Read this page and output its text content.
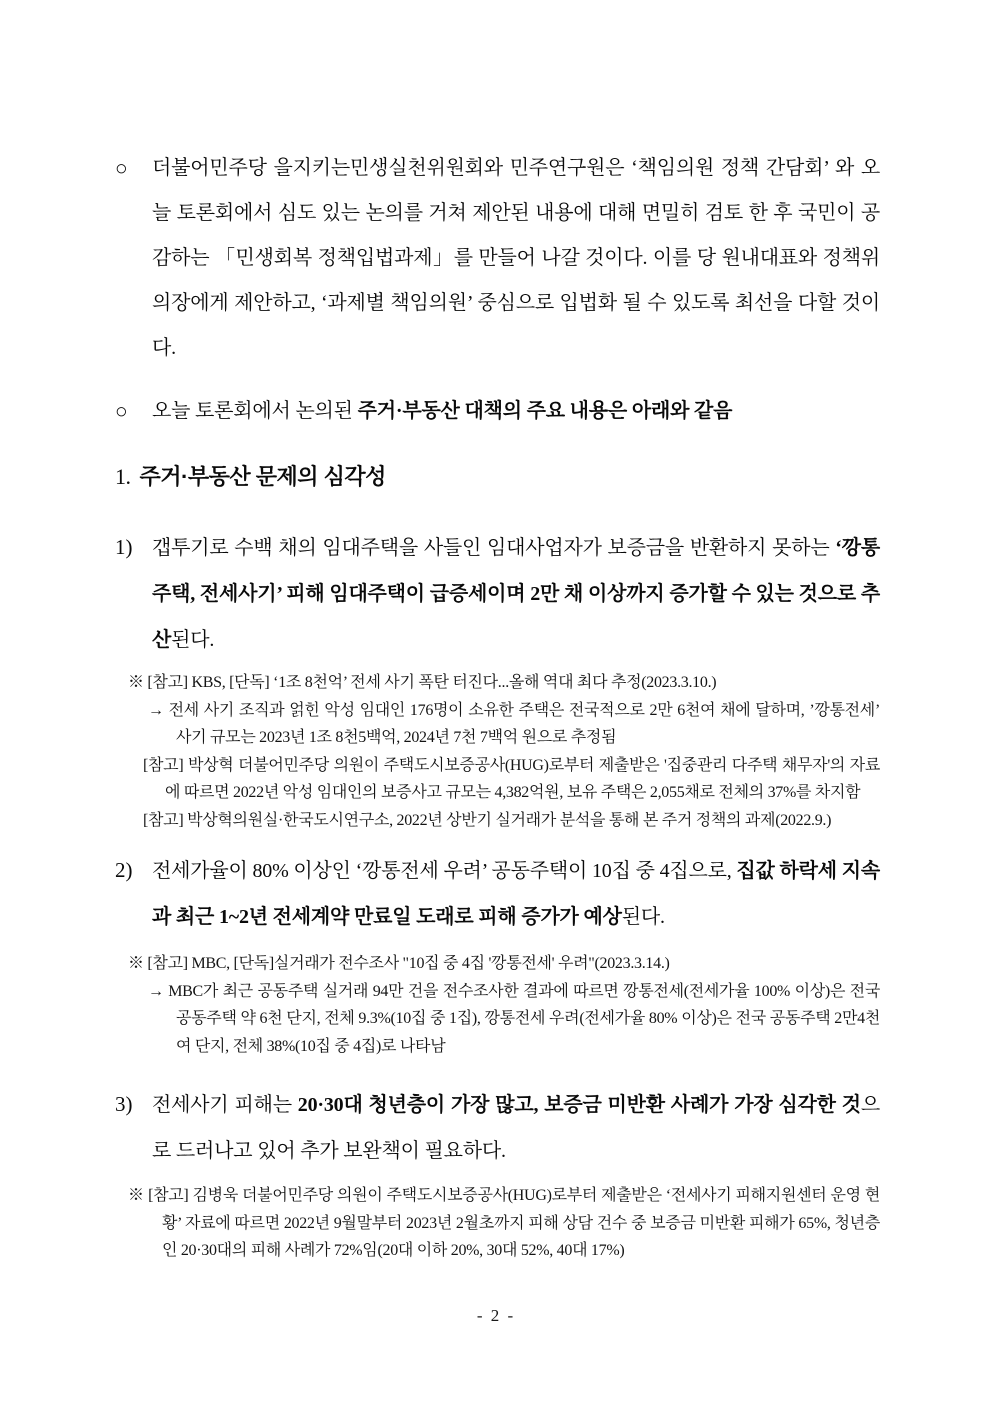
○	더불어민주당 을지키는민생실천위원회와 민주연구원은 ‘책임의원 정책 간담회’ 와 오늘 토론회에서 심도 있는 논의를 거쳐 제안된 내용에 대해 면밀히 검토 한 후 국민이 공감하는 「민생회복 정책입법과제」를 만들어 나갈 것이다. 이를 당 원내대표와 정책위의장에게 제안하고, ‘과제별 책임의원’ 중심으로 입법화 될 수 있도록 최선을 다할 것이다.

○	오늘 토론회에서 논의된 주거·부동산 대책의 주요 내용은 아래와 같음

1. 주거·부동산 문제의 심각성
1) 갭투기로 수백 채의 임대주택을 사들인 임대사업자가 보증금을 반환하지 못하는 ‘깡통주택, 전세사기’ 피해 임대주택이 급증세이며 2만 채 이상까지 증가할 수 있는 것으로 추산된다.

※ [참고] KBS, [단독] ‘1조 8천억’ 전세 사기 폭탄 터진다...올해 역대 최다 추정(2023.3.10.)

→ 전세 사기 조직과 얽힌 악성 임대인 176명이 소유한 주택은 전국적으로 2만 6천여 채에 달하며, ’깡통전세’ 사기 규모는 2023년 1조 8천5백억, 2024년 7천 7백억 원으로 추정됨

[참고] 박상혁 더불어민주당 의원이 주택도시보증공사(HUG)로부터 제출받은 '집중관리 다주택 채무자'의 자료에 따르면 2022년 악성 임대인의 보증사고 규모는 4,382억원, 보유 주택은 2,055채로 전체의 37%를 차지함

[참고] 박상혁의원실·한국도시연구소, 2022년 상반기 실거래가 분석을 통해 본 주거 정책의 과제(2022.9.)

2) 전세가율이 80% 이상인 ‘깡통전세 우려’ 공동주택이 10집 중 4집으로, 집값 하락세 지속과 최근 1~2년 전세계약 만료일 도래로 피해 증가가 예상된다.

※ [참고] MBC, [단독]실거래가 전수조사 "10집 중 4집 '깡통전세' 우려"(2023.3.14.)

→ MBC가 최근 공동주택 실거래 94만 건을 전수조사한 결과에 따르면 깡통전세(전세가율 100% 이상)은 전국 공동주택 약 6천 단지, 전체 9.3%(10집 중 1집), 깡통전세 우려(전세가율 80% 이상)은 전국 공동주택 2만4천여 단지, 전체 38%(10집 중 4집)로 나타남

3) 전세사기 피해는 20·30대 청년층이 가장 많고, 보증금 미반환 사례가 가장 심각한 것으로 드러나고 있어 추가 보완책이 필요하다.

※ [참고] 김병욱 더불어민주당 의원이 주택도시보증공사(HUG)로부터 제출받은 ‘전세사기 피해지원센터 운영 현황’ 자료에 따르면 2022년 9월말부터 2023년 2월초까지 피해 상담 건수 중 보증금 미반환 피해가 65%, 청년층인 20·30대의 피해 사례가 72%임(20대 이하 20%, 30대 52%, 40대 17%)

- 2 -
